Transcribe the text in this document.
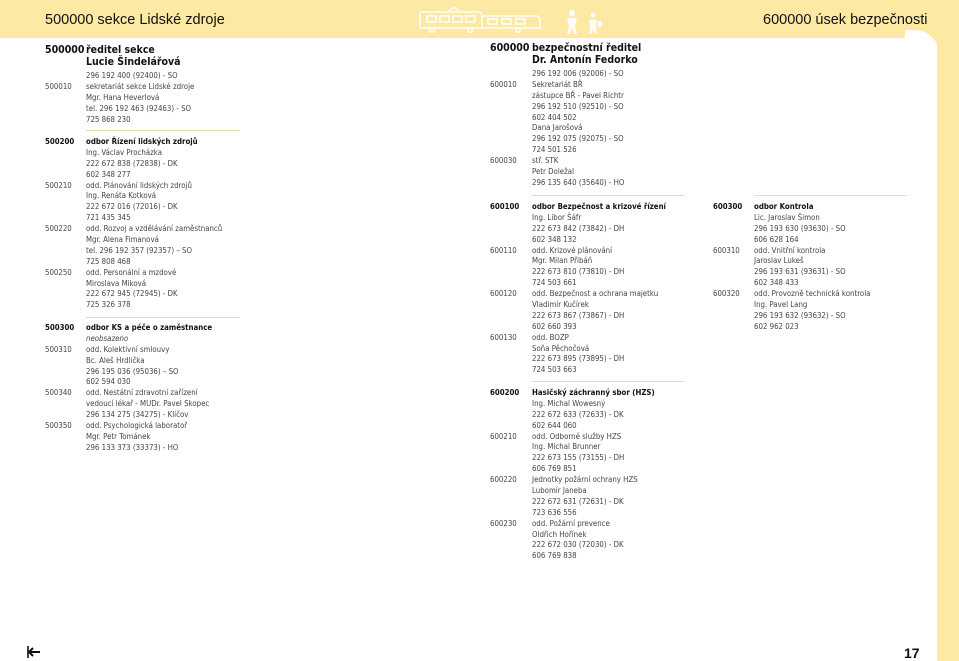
500000 sekce Lidské zdroje	600000 úsek bezpečnosti
500000 ředitel sekce
Lucie Šindelářová
296 192 400 (92400) - SO
500010 sekretariát sekce Lidské zdroje
Mgr. Hana Heverlová
tel. 296 192 463 (92463) - SO
725 868 230
500200 odbor Řízení lidských zdrojů
Ing. Václav Procházka
222 672 838 (72838) - DK
602 348 277
500210 odd. Plánování lidských zdrojů
Ing. Renáta Kotková
222 672 016 (72016) - DK
721 435 345
500220 odd. Rozvoj a vzdělávání zaměstnanců
Mgr. Alena Fimanová
tel. 296 192 357 (92357) – SO
725 808 468
500250 odd. Personální a mzdové
Miroslava Miková
222 672 945 (72945) - DK
725 326 378
500300 odbor KS a péče o zaměstnance
neobsazeno
500310 odd. Kolektivní smlouvy
Bc. Aleš Hrdlička
296 195 036 (95036) – SO
602 594 030
500340 odd. Nestátní zdravotní zařízení
vedoucí lékař - MUDr. Pavel Skopec
296 134 275 (34275) - Klíčov
500350 odd. Psychologická laboratoř
Mgr. Petr Tománek
296 133 373 (33373) - HO
600000 bezpečnostní ředitel
Dr. Antonín Fedorko
296 192 006 (92006) - SO
600010 Sekretariát BŘ
zástupce BŘ - Pavel Richtr
296 192 510 (92510) - SO
602 404 502
Dana Jarošová
296 192 075 (92075) - SO
724 501 526
600030 stř. STK
Petr Doležal
296 135 640 (35640) - HO
600100 odbor Bezpečnost a krizové řízení
Ing. Libor Šáfr
222 673 842 (73842) - DH
602 348 132
600110 odd. Krizové plánování
Mgr. Milan Přibáň
222 673 810 (73810) - DH
724 503 661
600120 odd. Bezpečnost a ochrana majetku
Vladimír Kučírek
222 673 867 (73867) - DH
602 660 393
600130 odd. BOZP
Soňa Pěchočová
222 673 895 (73895) - DH
724 503 663
600200 Hasičský záchranný sbor (HZS)
Ing. Michal Wowesný
222 672 633 (72633) - DK
602 644 060
600210 odd. Odborné služby HZS
Ing. Michal Brunner
222 673 155 (73155) - DH
606 769 851
600220 Jednotky požární ochrany HZS
Lubomír Janeba
222 672 631 (72631) - DK
723 636 556
600230 odd. Požární prevence
Oldřich Hořínek
222 672 030 (72030) - DK
606 769 838
600300 odbor Kontrola
Lic. Jaroslav Šimon
296 193 630 (93630) - SO
606 628 164
600310 odd. Vnitřní kontrola
Jaroslav Lukeš
296 193 631 (93631) - SO
602 348 433
600320 odd. Provozně technická kontrola
Ing. Pavel Lang
296 193 632 (93632) - SO
602 962 023
17
